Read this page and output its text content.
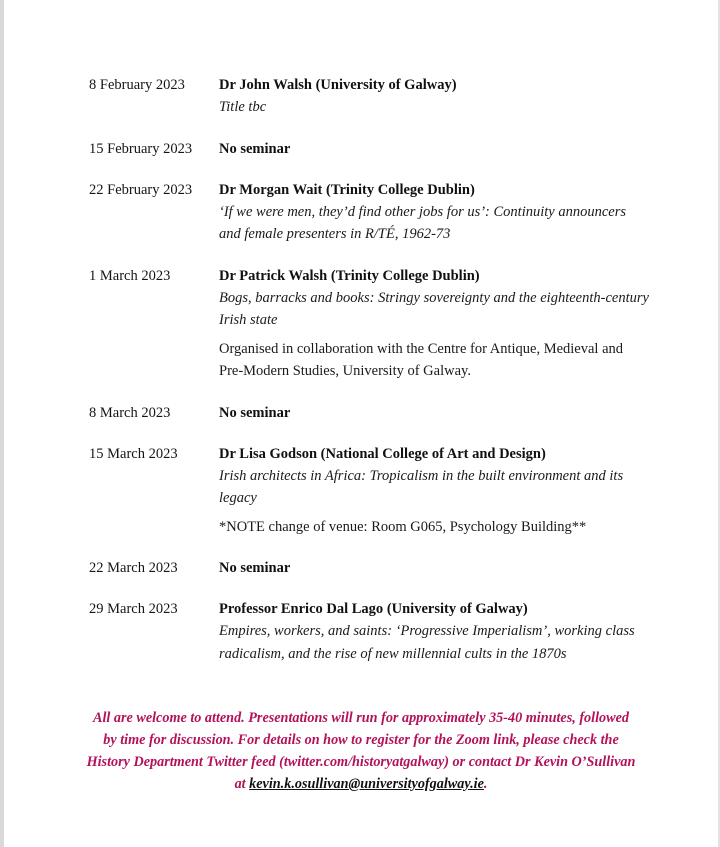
8 February 2023	Dr John Walsh (University of Galway)
Title tbc
15 February 2023	No seminar
22 February 2023	Dr Morgan Wait (Trinity College Dublin)
‘If we were men, they’d find other jobs for us’: Continuity announcers and female presenters in R/TÉ, 1962-73
1 March 2023	Dr Patrick Walsh (Trinity College Dublin)
Bogs, barracks and books: Stringy sovereignty and the eighteenth-century Irish state
Organised in collaboration with the Centre for Antique, Medieval and Pre-Modern Studies, University of Galway.
8 March 2023	No seminar
15 March 2023	Dr Lisa Godson (National College of Art and Design)
Irish architects in Africa: Tropicalism in the built environment and its legacy
*NOTE change of venue: Room G065, Psychology Building**
22 March 2023	No seminar
29 March 2023	Professor Enrico Dal Lago (University of Galway)
Empires, workers, and saints: ‘Progressive Imperialism’, working class radicalism, and the rise of new millennial cults in the 1870s
All are welcome to attend. Presentations will run for approximately 35-40 minutes, followed by time for discussion. For details on how to register for the Zoom link, please check the History Department Twitter feed (twitter.com/historyatgalway) or contact Dr Kevin O’Sullivan at kevin.k.osullivan@universityofgalway.ie.
